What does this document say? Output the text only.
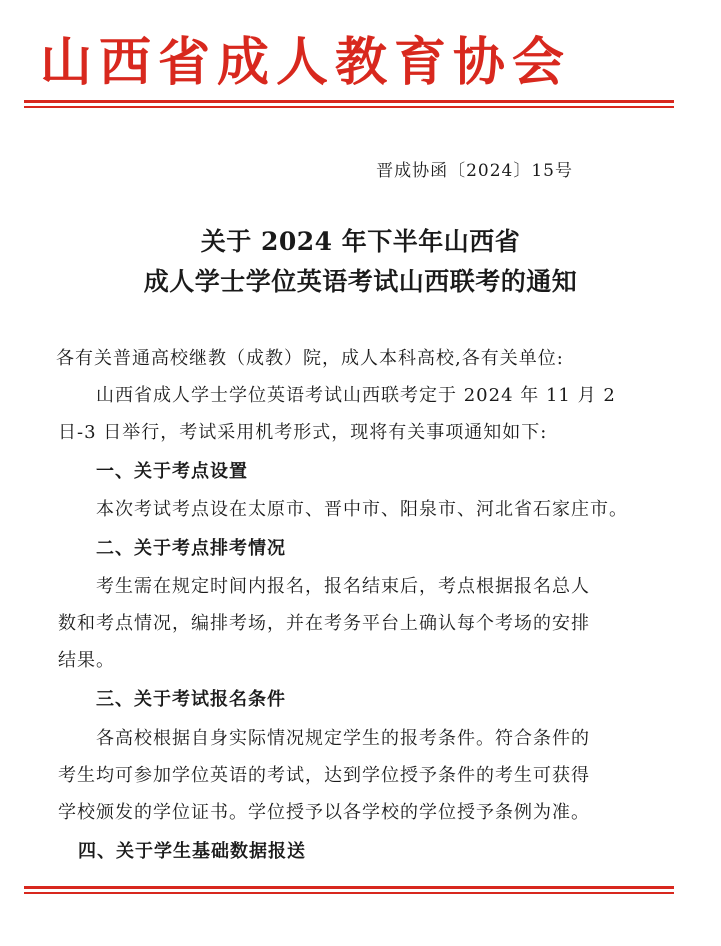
山西省成人教育协会
晋成协函〔2024〕15号
关于 2024 年下半年山西省
成人学士学位英语考试山西联考的通知
各有关普通高校继教（成教）院，成人本科高校,各有关单位:
山西省成人学士学位英语考试山西联考定于 2024 年 11 月 2
日-3 日举行，考试采用机考形式，现将有关事项通知如下:
一、关于考点设置
本次考试考点设在太原市、晋中市、阳泉市、河北省石家庄市。
二、关于考点排考情况
考生需在规定时间内报名，报名结束后，考点根据报名总人
数和考点情况，编排考场，并在考务平台上确认每个考场的安排
结果。
三、关于考试报名条件
各高校根据自身实际情况规定学生的报考条件。符合条件的
考生均可参加学位英语的考试，达到学位授予条件的考生可获得
学校颁发的学位证书。学位授予以各学校的学位授予条例为准。
四、关于学生基础数据报送
